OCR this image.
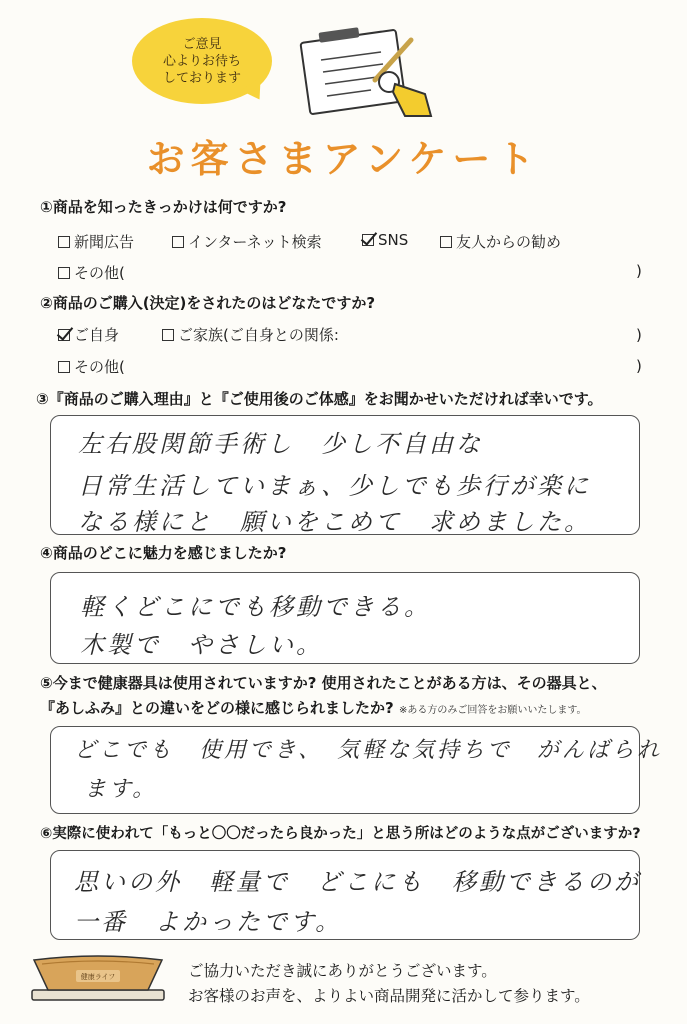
ご意見
心よりお待ち
しております
お客さまアンケート
①商品を知ったきっかけは何ですか?
新聞広告	インターネット検索	SNS	友人からの勧め
その他(	)
②商品のご購入(決定)をされたのはどなたですか?
ご自身	ご家族(ご自身との関係:	)
その他(	)
③『商品のご購入理由』と『ご使用後のご体感』をお聞かせいただければ幸いです。
左右股関節手術し　少し不自由な
日常生活していまぁ、少しでも歩行が楽に
なる様にと　願いをこめて　求めました。
④商品のどこに魅力を感じましたか?
軽くどこにでも移動できる。
木製で　やさしい。
⑤今まで健康器具は使用されていますか? 使用されたことがある方は、その器具と、
『あしふみ』との違いをどの様に感じられましたか? ※ある方のみご回答をお願いいたします。
どこでも　使用でき、　気軽な気持ちで　がんばられ
ます。
⑥実際に使われて「もっと〇〇だったら良かった」と思う所はどのような点がございますか?
思いの外　軽量で　どこにも　移動できるのが
一番　よかったです。
健康ライフ	ご協力いただき誠にありがとうございます。
お客様のお声を、よりよい商品開発に活かして参ります。
